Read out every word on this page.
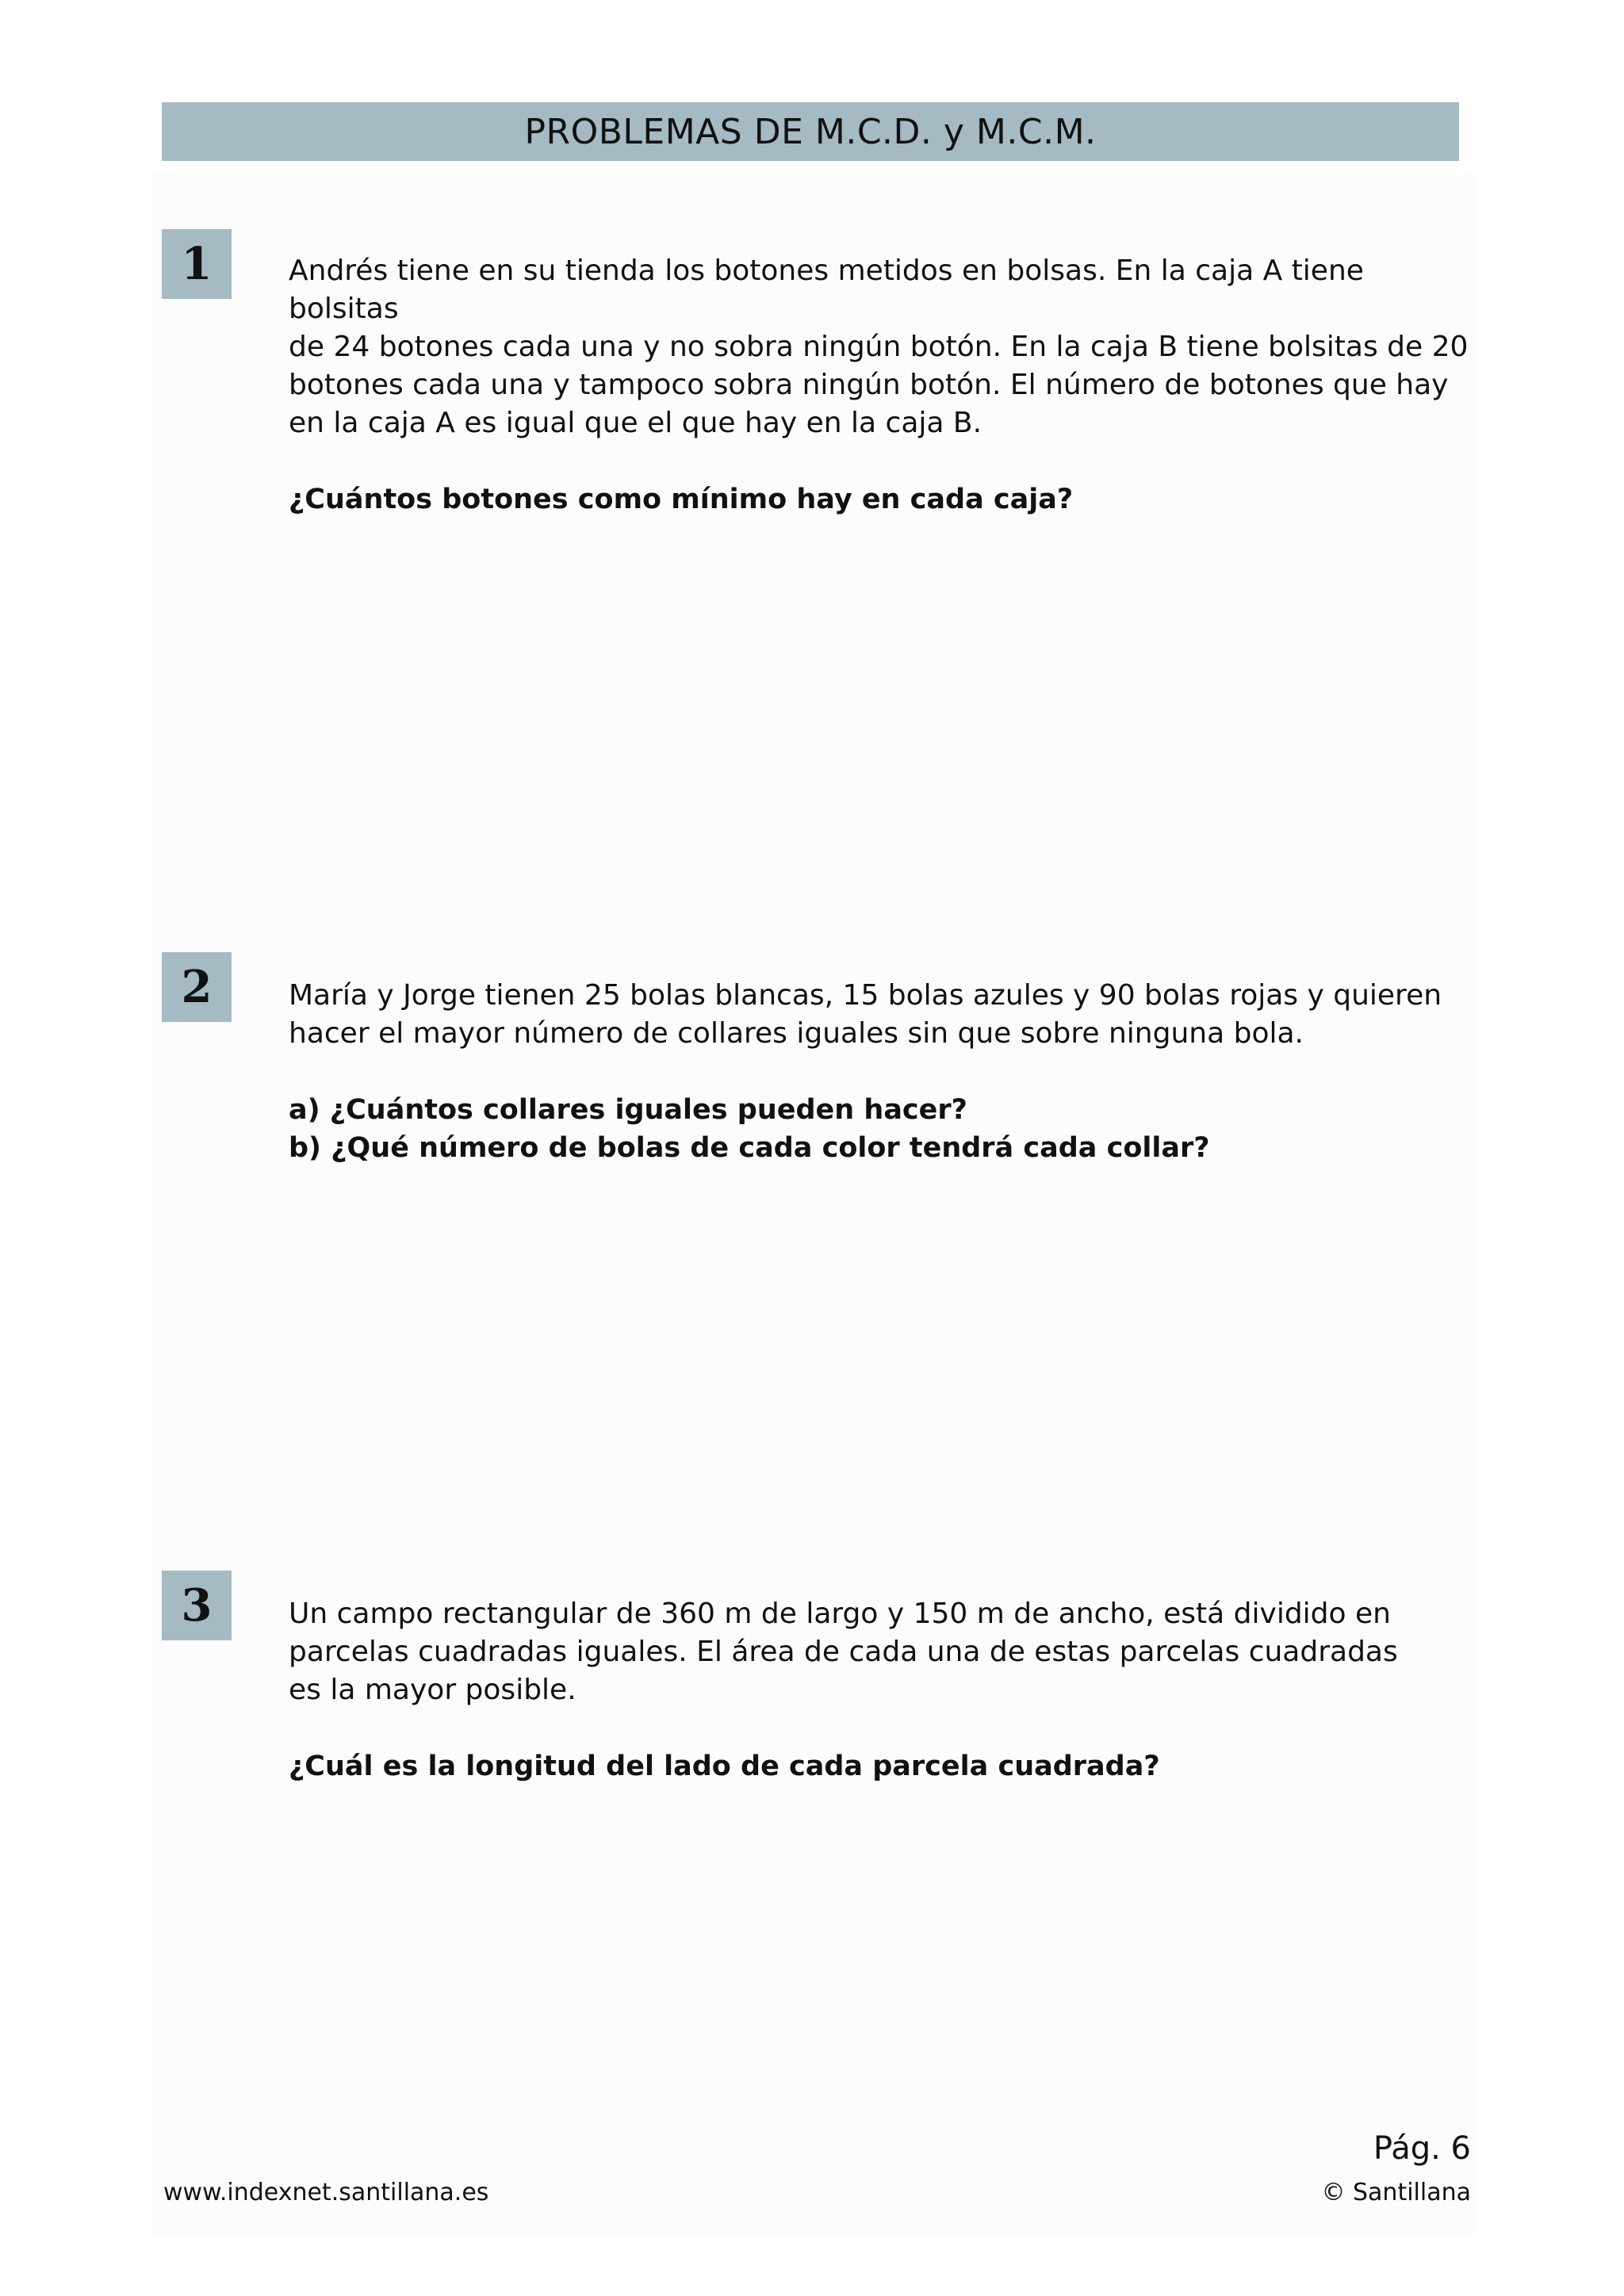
PROBLEMAS DE M.C.D. y M.C.M.
1	Andrés tiene en su tienda los botones metidos en bolsas. En la caja A tiene bolsitas

de 24 botones cada una y no sobra ningún botón. En la caja B tiene bolsitas de 20

botones cada una y tampoco sobra ningún botón. El número de botones que hay

en la caja A es igual que el que hay en la caja B.

¿Cuántos botones como mínimo hay en cada caja?

2	María y Jorge tienen 25 bolas blancas, 15 bolas azules y 90 bolas rojas y quieren

hacer el mayor número de collares iguales sin que sobre ninguna bola.

a) ¿Cuántos collares iguales pueden hacer?

b) ¿Qué número de bolas de cada color tendrá cada collar?

3	Un campo rectangular de 360 m de largo y 150 m de ancho, está dividido en

parcelas cuadradas iguales. El área de cada una de estas parcelas cuadradas

es la mayor posible.

¿Cuál es la longitud del lado de cada parcela cuadrada?

Pág. 6
www.indexnet.santillana.es	© Santillana
